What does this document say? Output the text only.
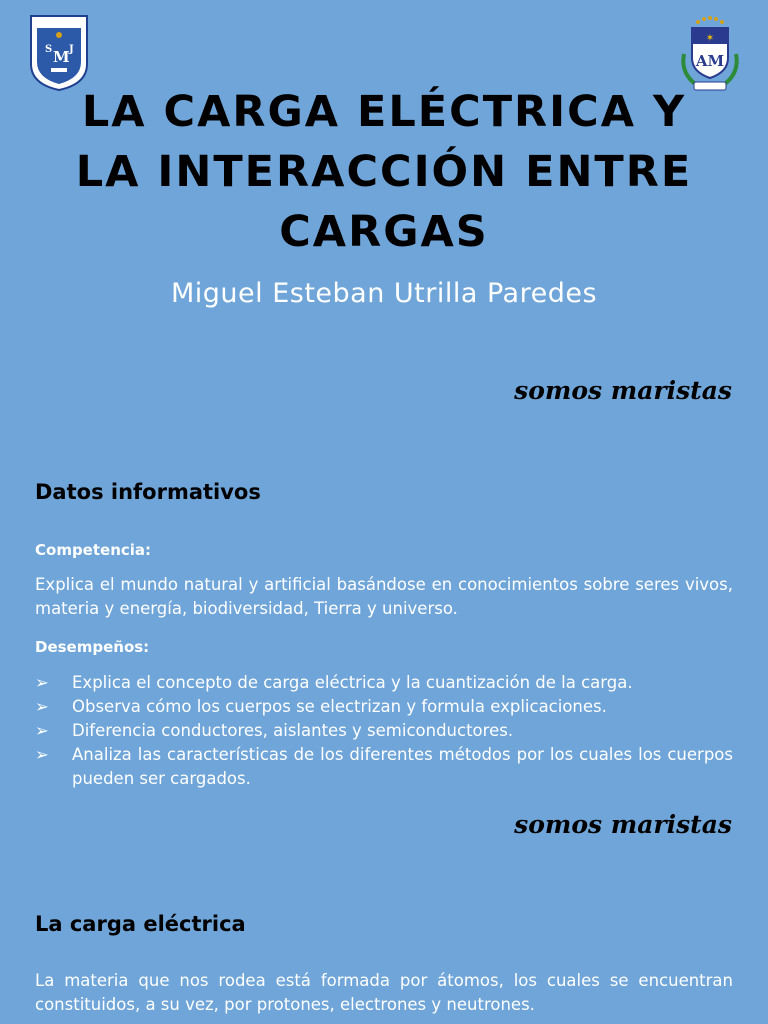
S M J
✶
AM
LA CARGA ELÉCTRICA Y
LA INTERACCIÓN ENTRE
CARGAS
Miguel Esteban Utrilla Paredes
somos maristas
Datos informativos
Competencia:
Explica el mundo natural y artificial basándose en conocimientos sobre seres vivos, materia y energía, biodiversidad, Tierra y universo.
Desempeños:
➢	Explica el concepto de carga eléctrica y la cuantización de la carga.
➢	Observa cómo los cuerpos se electrizan y formula explicaciones.
➢	Diferencia conductores, aislantes y semiconductores.
➢	Analiza las características de los diferentes métodos por los cuales los cuerpos pueden ser cargados.
somos maristas
La carga eléctrica
La materia que nos rodea está formada por átomos, los cuales se encuentran constituidos, a su vez, por protones, electrones y neutrones.
